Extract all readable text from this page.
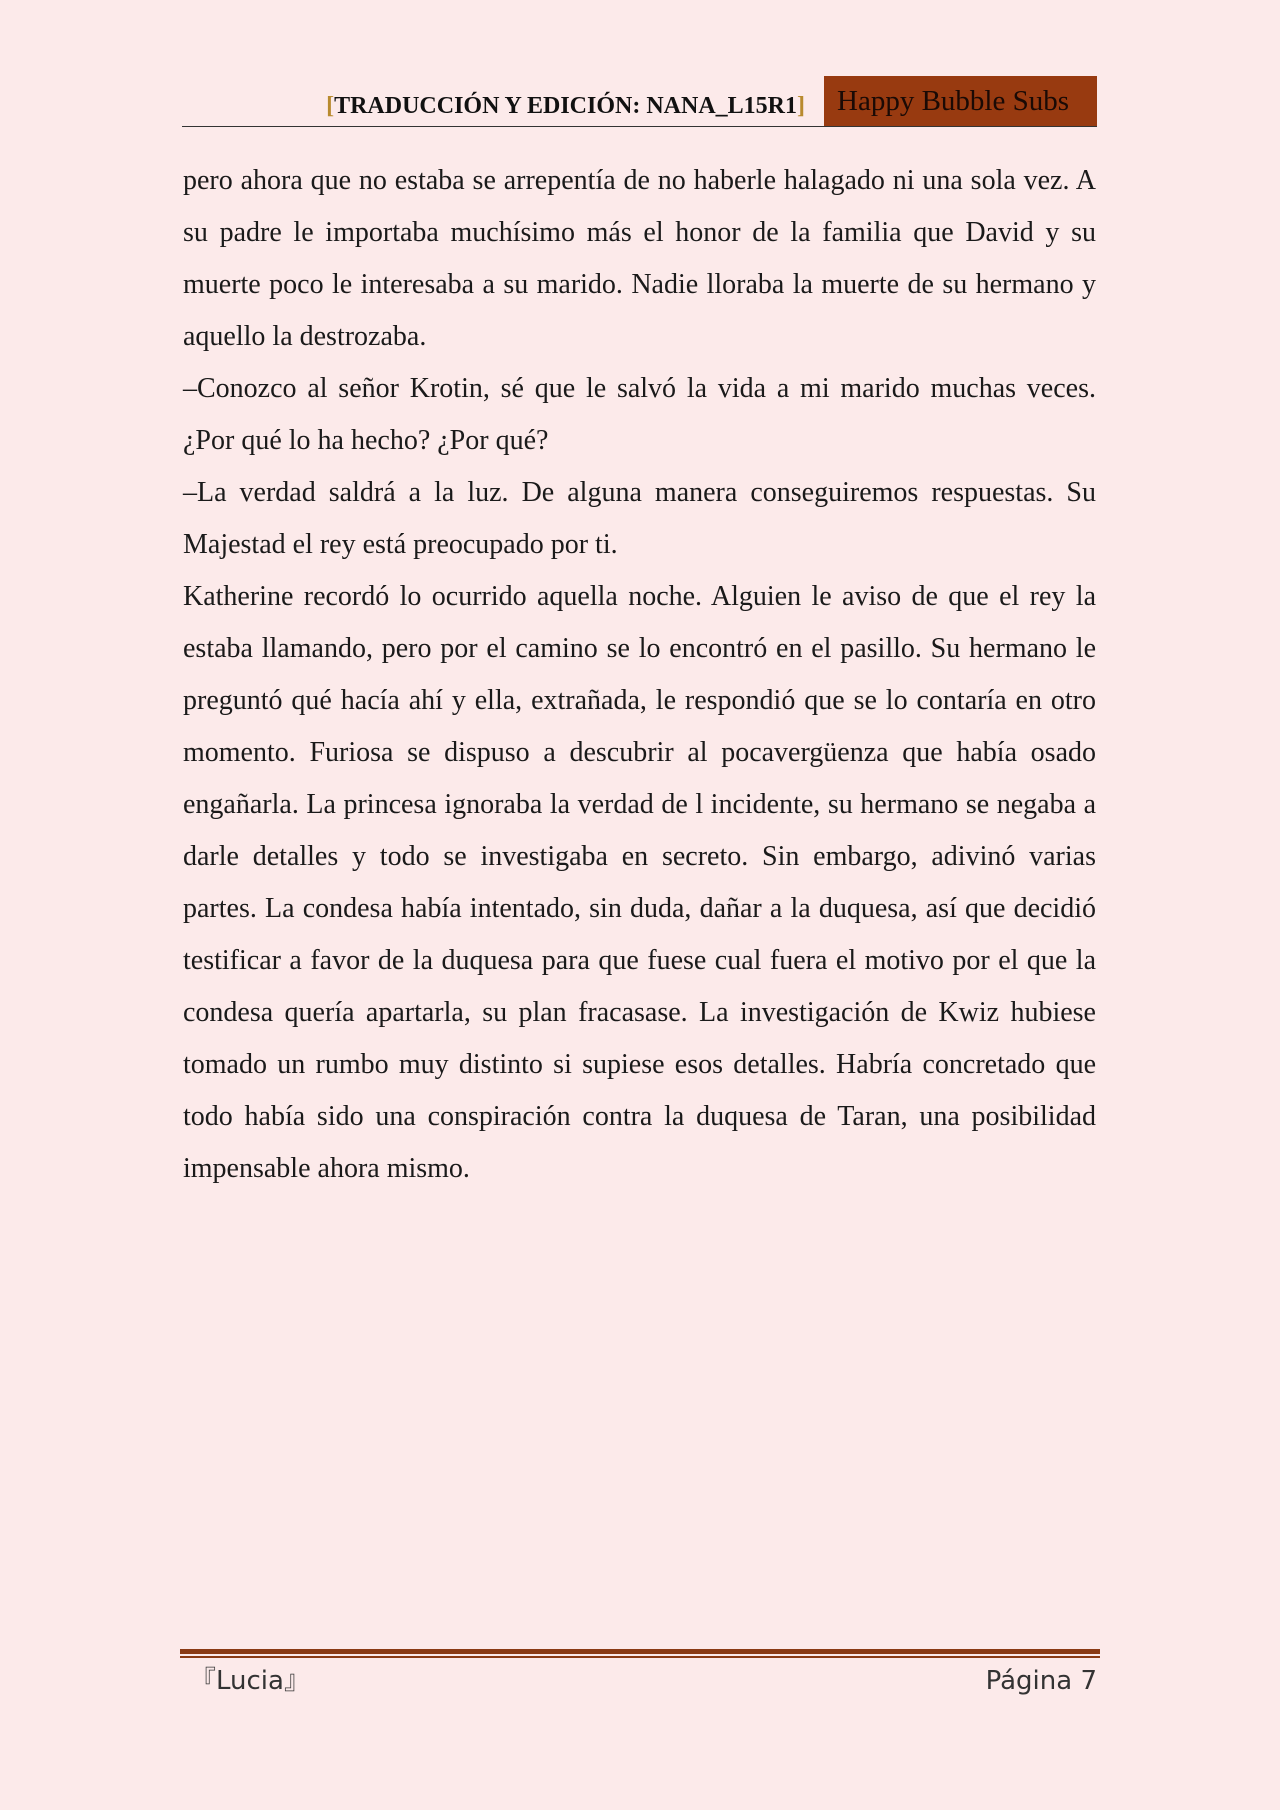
[TRADUCCIÓN Y EDICIÓN: NANA_L15R1]	Happy Bubble Subs

pero ahora que no estaba se arrepentía de no haberle halagado ni una sola vez. A su padre le importaba muchísimo más el honor de la familia que David y su muerte poco le interesaba a su marido. Nadie lloraba la muerte de su hermano y aquello la destrozaba.

–Conozco al señor Krotin, sé que le salvó la vida a mi marido muchas veces. ¿Por qué lo ha hecho? ¿Por qué?

–La verdad saldrá a la luz. De alguna manera conseguiremos respuestas. Su Majestad el rey está preocupado por ti.

Katherine recordó lo ocurrido aquella noche. Alguien le aviso de que el rey la estaba llamando, pero por el camino se lo encontró en el pasillo. Su hermano le preguntó qué hacía ahí y ella, extrañada, le respondió que se lo contaría en otro momento. Furiosa se dispuso a descubrir al pocavergüenza que había osado engañarla. La princesa ignoraba la verdad de l incidente, su hermano se negaba a darle detalles y todo se investigaba en secreto. Sin embargo, adivinó varias partes. La condesa había intentado, sin duda, dañar a la duquesa, así que decidió testificar a favor de la duquesa para que fuese cual fuera el motivo por el que la condesa quería apartarla, su plan fracasase. La investigación de Kwiz hubiese tomado un rumbo muy distinto si supiese esos detalles. Habría concretado que todo había sido una conspiración contra la duquesa de Taran, una posibilidad impensable ahora mismo.

『Lucia』	Página 7
